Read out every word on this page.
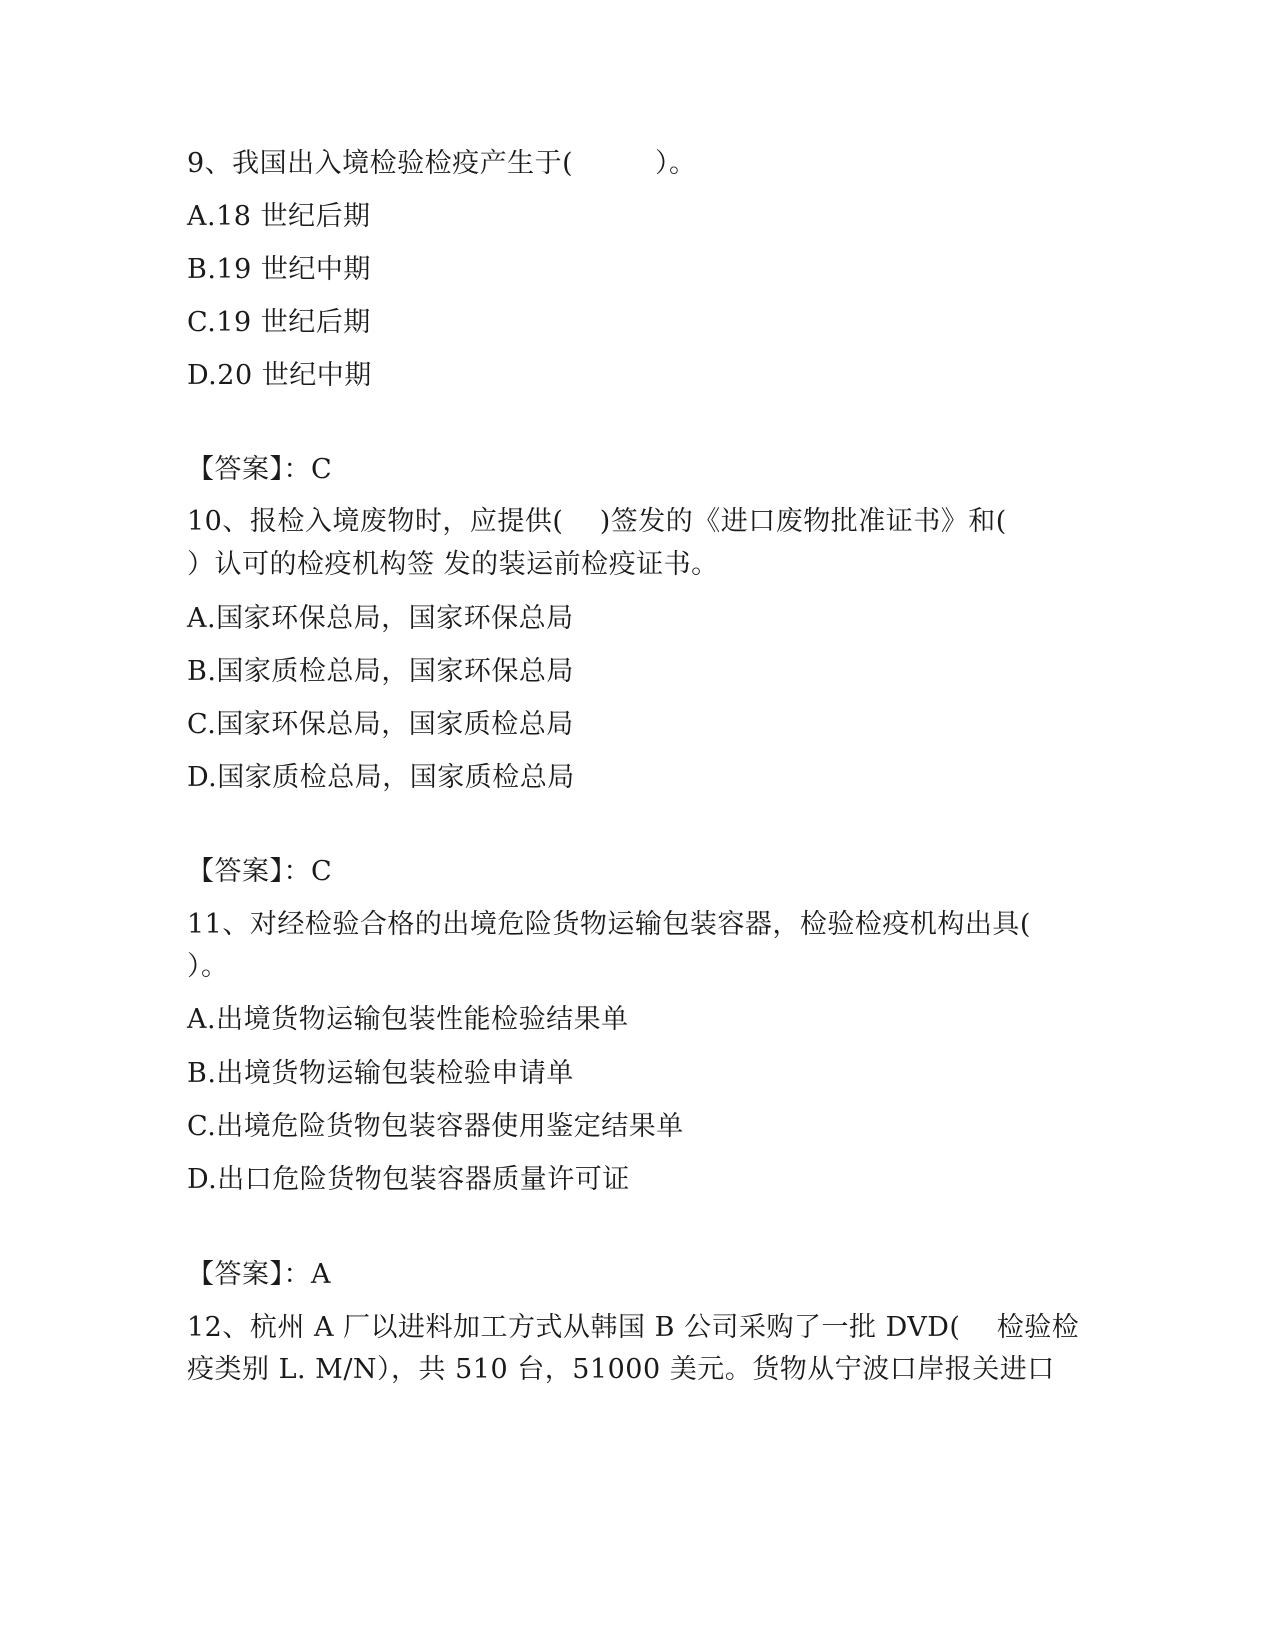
9、我国出入境检验检疫产生于(         ）。
A.18 世纪后期
B.19 世纪中期
C.19 世纪后期
D.20 世纪中期
【答案】：C
10、报检入境废物时，应提供(    )签发的《进口废物批准证书》和(
）认可的检疫机构签 发的装运前检疫证书。
A.国家环保总局，国家环保总局
B.国家质检总局，国家环保总局
C.国家环保总局，国家质检总局
D.国家质检总局，国家质检总局
【答案】：C
11、对经检验合格的出境危险货物运输包装容器，检验检疫机构出具(
）。
A.出境货物运输包装性能检验结果单
B.出境货物运输包装检验申请单
C.出境危险货物包装容器使用鉴定结果单
D.出口危险货物包装容器质量许可证
【答案】：A
12、杭州 A 厂以进料加工方式从韩国 B 公司采购了一批 DVD(    检验检
疫类别 L. M/N），共 510 台，51000 美元。货物从宁波口岸报关进口
